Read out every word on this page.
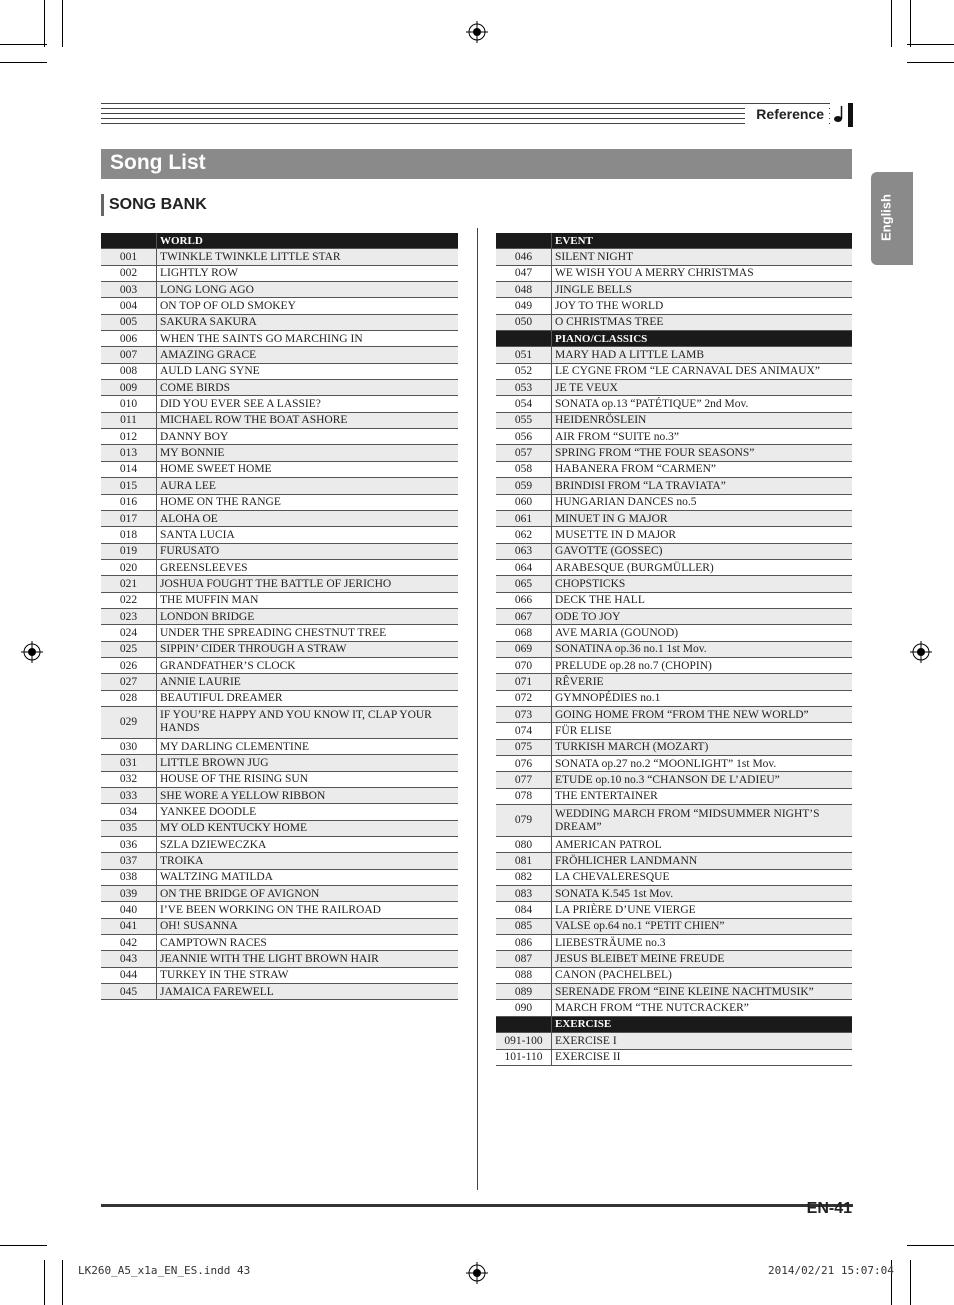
Reference
Song List
SONG BANK	English
	WORLD
001	TWINKLE TWINKLE LITTLE STAR
002	LIGHTLY ROW
003	LONG LONG AGO
004	ON TOP OF OLD SMOKEY
005	SAKURA SAKURA
006	WHEN THE SAINTS GO MARCHING IN
007	AMAZING GRACE
008	AULD LANG SYNE
009	COME BIRDS
010	DID YOU EVER SEE A LASSIE?
011	MICHAEL ROW THE BOAT ASHORE
012	DANNY BOY
013	MY BONNIE
014	HOME SWEET HOME
015	AURA LEE
016	HOME ON THE RANGE
017	ALOHA OE
018	SANTA LUCIA
019	FURUSATO
020	GREENSLEEVES
021	JOSHUA FOUGHT THE BATTLE OF JERICHO
022	THE MUFFIN MAN
023	LONDON BRIDGE
024	UNDER THE SPREADING CHESTNUT TREE
025	SIPPIN’ CIDER THROUGH A STRAW
026	GRANDFATHER’S CLOCK
027	ANNIE LAURIE
028	BEAUTIFUL DREAMER
029	IF YOU’RE HAPPY AND YOU KNOW IT, CLAP YOUR HANDS
030	MY DARLING CLEMENTINE
031	LITTLE BROWN JUG
032	HOUSE OF THE RISING SUN
033	SHE WORE A YELLOW RIBBON
034	YANKEE DOODLE
035	MY OLD KENTUCKY HOME
036	SZLA DZIEWECZKA
037	TROIKA
038	WALTZING MATILDA
039	ON THE BRIDGE OF AVIGNON
040	I’VE BEEN WORKING ON THE RAILROAD
041	OH! SUSANNA
042	CAMPTOWN RACES
043	JEANNIE WITH THE LIGHT BROWN HAIR
044	TURKEY IN THE STRAW
045	JAMAICA FAREWELL
	EVENT
046	SILENT NIGHT
047	WE WISH YOU A MERRY CHRISTMAS
048	JINGLE BELLS
049	JOY TO THE WORLD
050	O CHRISTMAS TREE
	PIANO/CLASSICS
051	MARY HAD A LITTLE LAMB
052	LE CYGNE FROM “LE CARNAVAL DES ANIMAUX”
053	JE TE VEUX
054	SONATA op.13 “PATÉTIQUE” 2nd Mov.
055	HEIDENRÖSLEIN
056	AIR FROM “SUITE no.3”
057	SPRING FROM “THE FOUR SEASONS”
058	HABANERA FROM “CARMEN”
059	BRINDISI FROM “LA TRAVIATA”
060	HUNGARIAN DANCES no.5
061	MINUET IN G MAJOR
062	MUSETTE IN D MAJOR
063	GAVOTTE (GOSSEC)
064	ARABESQUE (BURGMÜLLER)
065	CHOPSTICKS
066	DECK THE HALL
067	ODE TO JOY
068	AVE MARIA (GOUNOD)
069	SONATINA op.36 no.1 1st Mov.
070	PRELUDE op.28 no.7 (CHOPIN)
071	RÊVERIE
072	GYMNOPÉDIES no.1
073	GOING HOME FROM “FROM THE NEW WORLD”
074	FÜR ELISE
075	TURKISH MARCH (MOZART)
076	SONATA op.27 no.2 “MOONLIGHT” 1st Mov.
077	ETUDE op.10 no.3 “CHANSON DE L’ADIEU”
078	THE ENTERTAINER
079	WEDDING MARCH FROM “MIDSUMMER NIGHT’S DREAM”
080	AMERICAN PATROL
081	FRÖHLICHER LANDMANN
082	LA CHEVALERESQUE
083	SONATA K.545 1st Mov.
084	LA PRIÈRE D’UNE VIERGE
085	VALSE op.64 no.1 “PETIT CHIEN”
086	LIEBESTRÄUME no.3
087	JESUS BLEIBET MEINE FREUDE
088	CANON (PACHELBEL)
089	SERENADE FROM “EINE KLEINE NACHTMUSIK”
090	MARCH FROM “THE NUTCRACKER”
	EXERCISE
091-100	EXERCISE I
101-110	EXERCISE II
EN-41
LK260_A5_x1a_EN_ES.indd 43	2014/02/21 15:07:04
